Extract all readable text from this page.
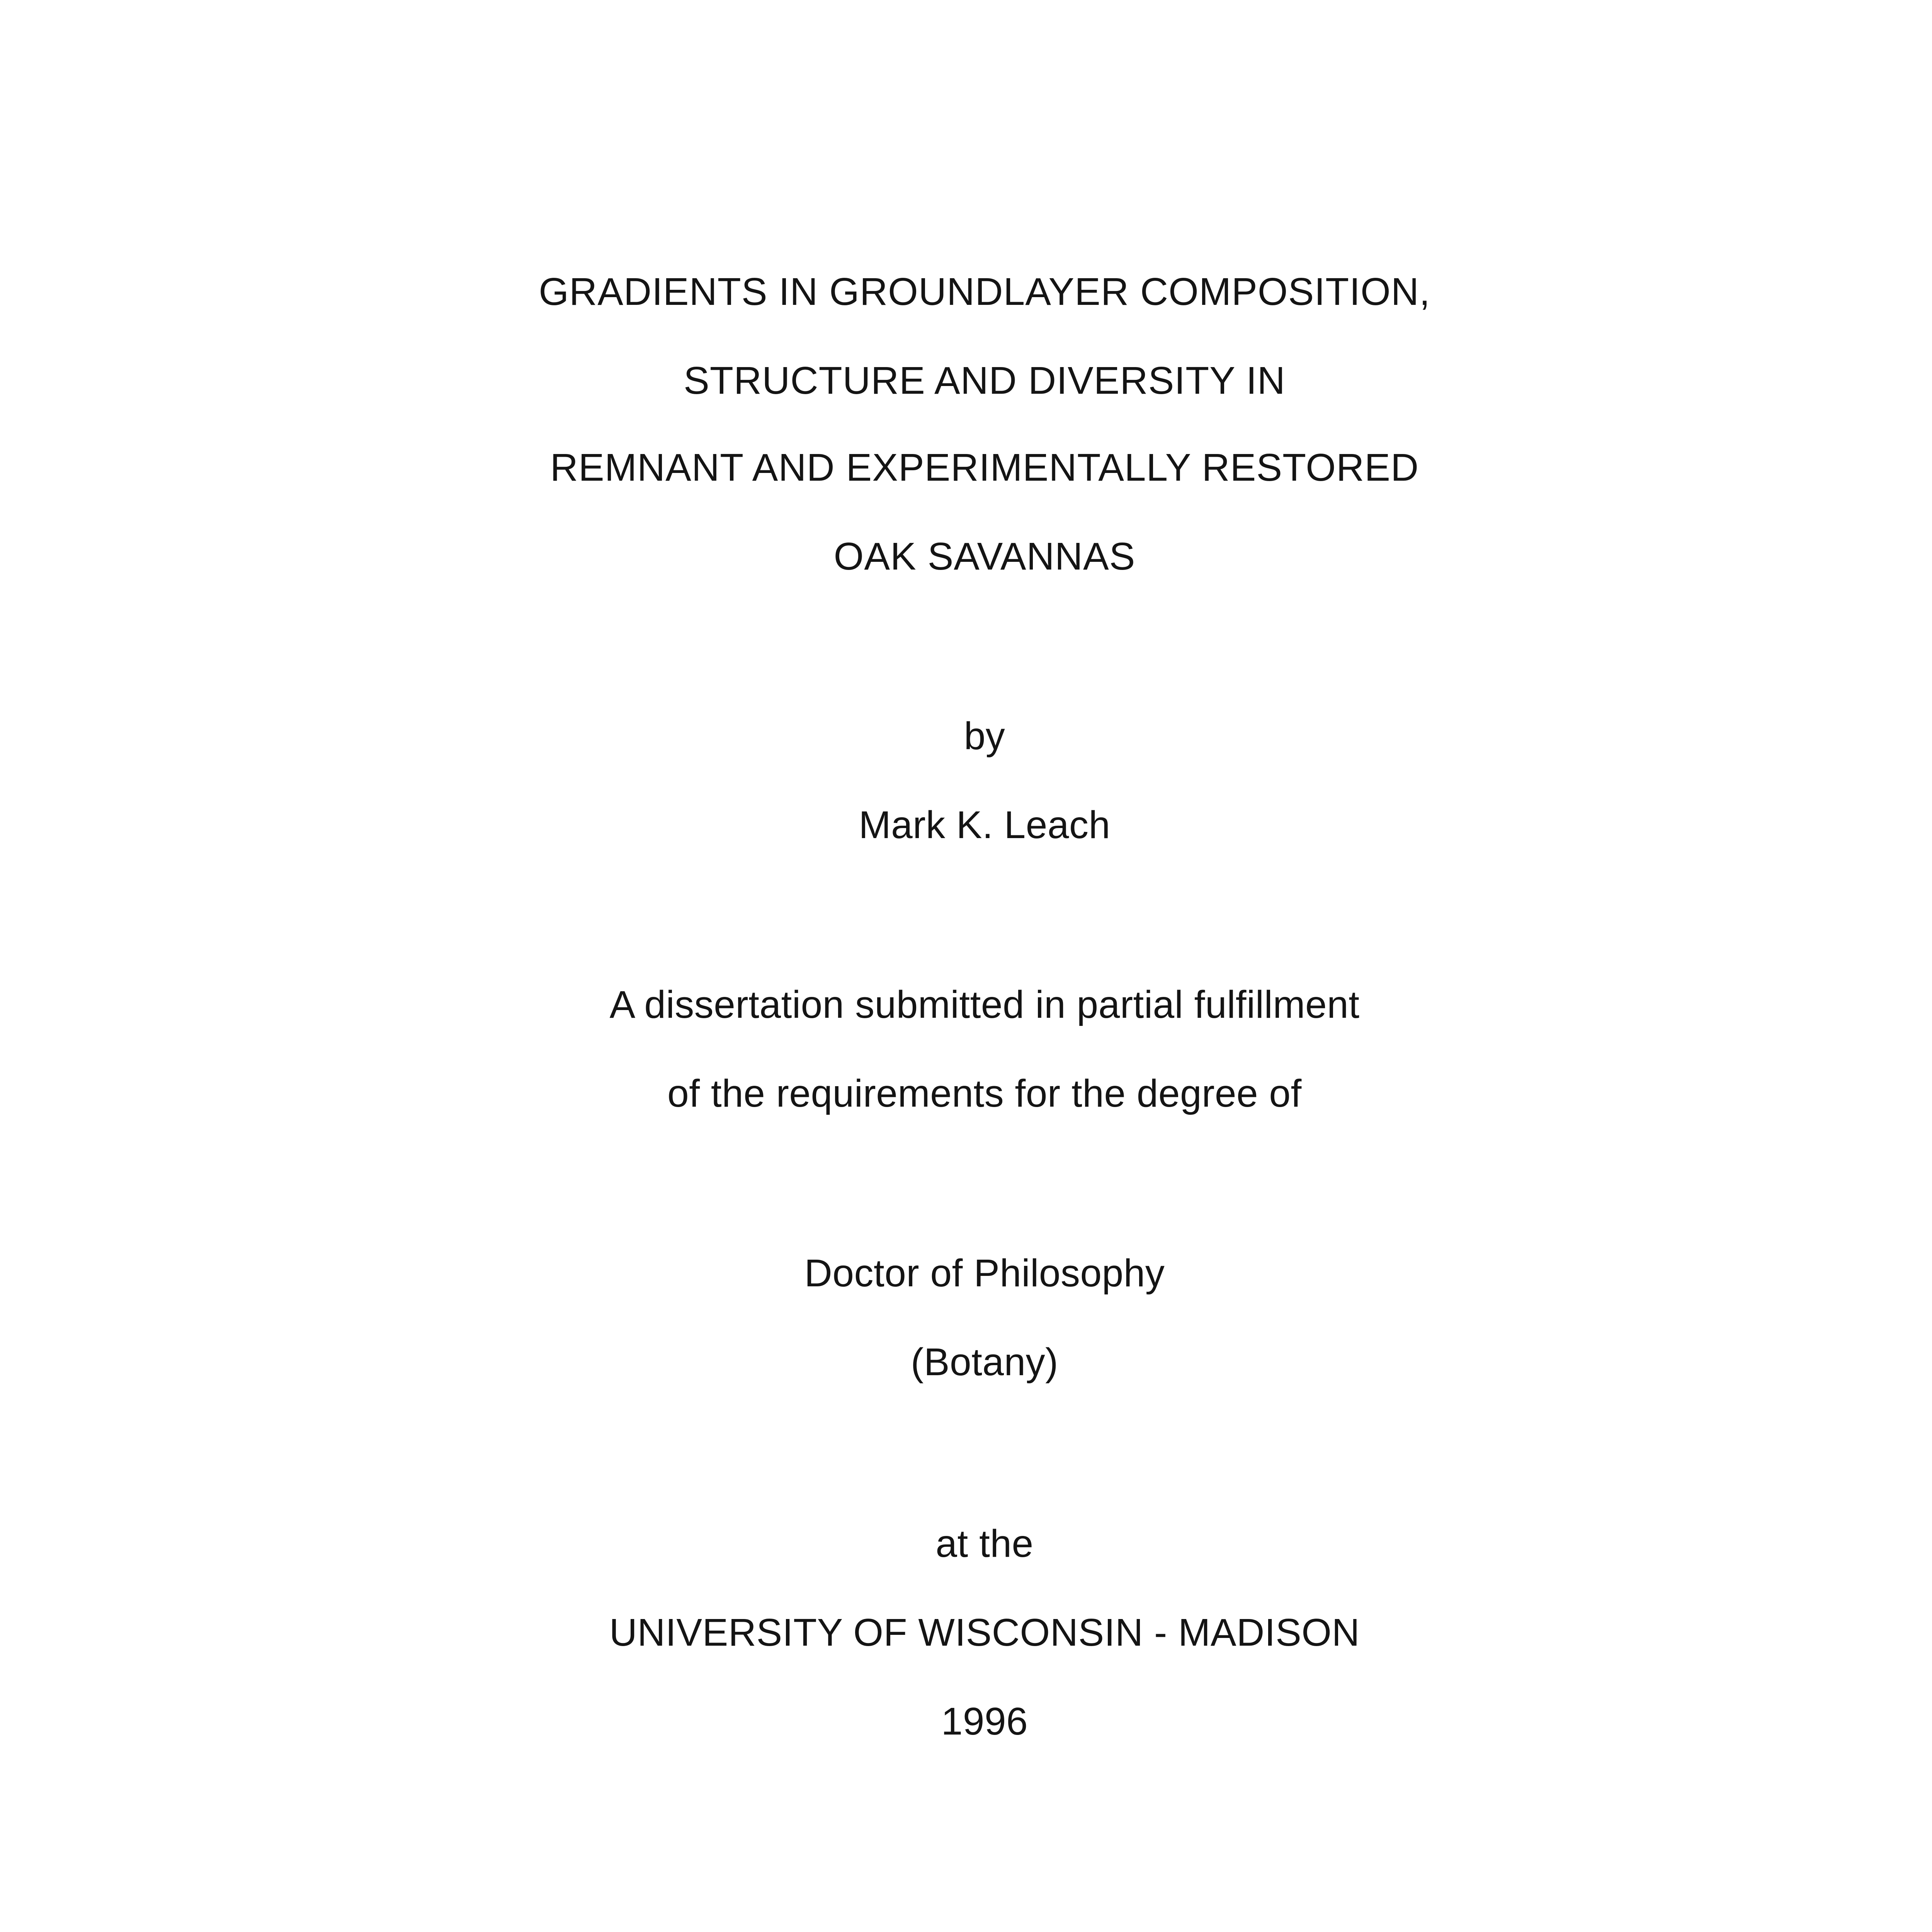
GRADIENTS IN GROUNDLAYER COMPOSITION,
STRUCTURE AND DIVERSITY IN
REMNANT AND EXPERIMENTALLY RESTORED
OAK SAVANNAS
by
Mark K. Leach
A dissertation submitted in partial fulfillment
of the requirements for the degree of
Doctor of Philosophy
(Botany)
at the
UNIVERSITY OF WISCONSIN - MADISON
1996
